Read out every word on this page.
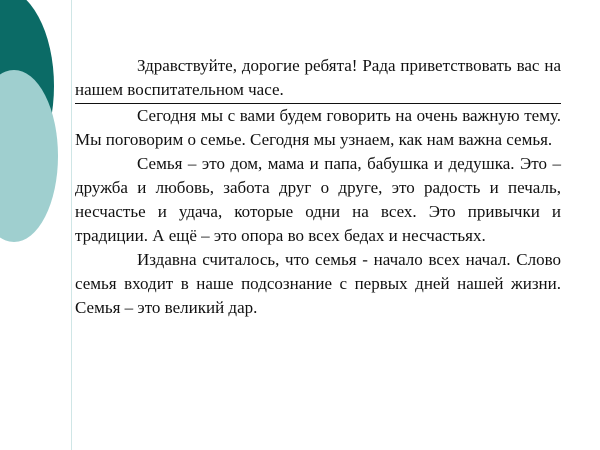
Здравствуйте, дорогие ребята! Рада приветствовать вас на нашем воспитательном часе.

Сегодня мы с вами будем говорить на очень важную тему. Мы поговорим о семье. Сегодня мы узнаем, как нам важна семья.

Семья – это дом, мама и папа, бабушка и дедушка. Это – дружба и любовь, забота друг о друге, это радость и печаль, несчастье и удача, которые одни на всех. Это привычки и традиции. А ещё – это опора во всех бедах и несчастьях.

Издавна считалось, что семья - начало всех начал. Слово семья входит в наше подсознание с первых дней нашей жизни. Семья – это великий дар.
